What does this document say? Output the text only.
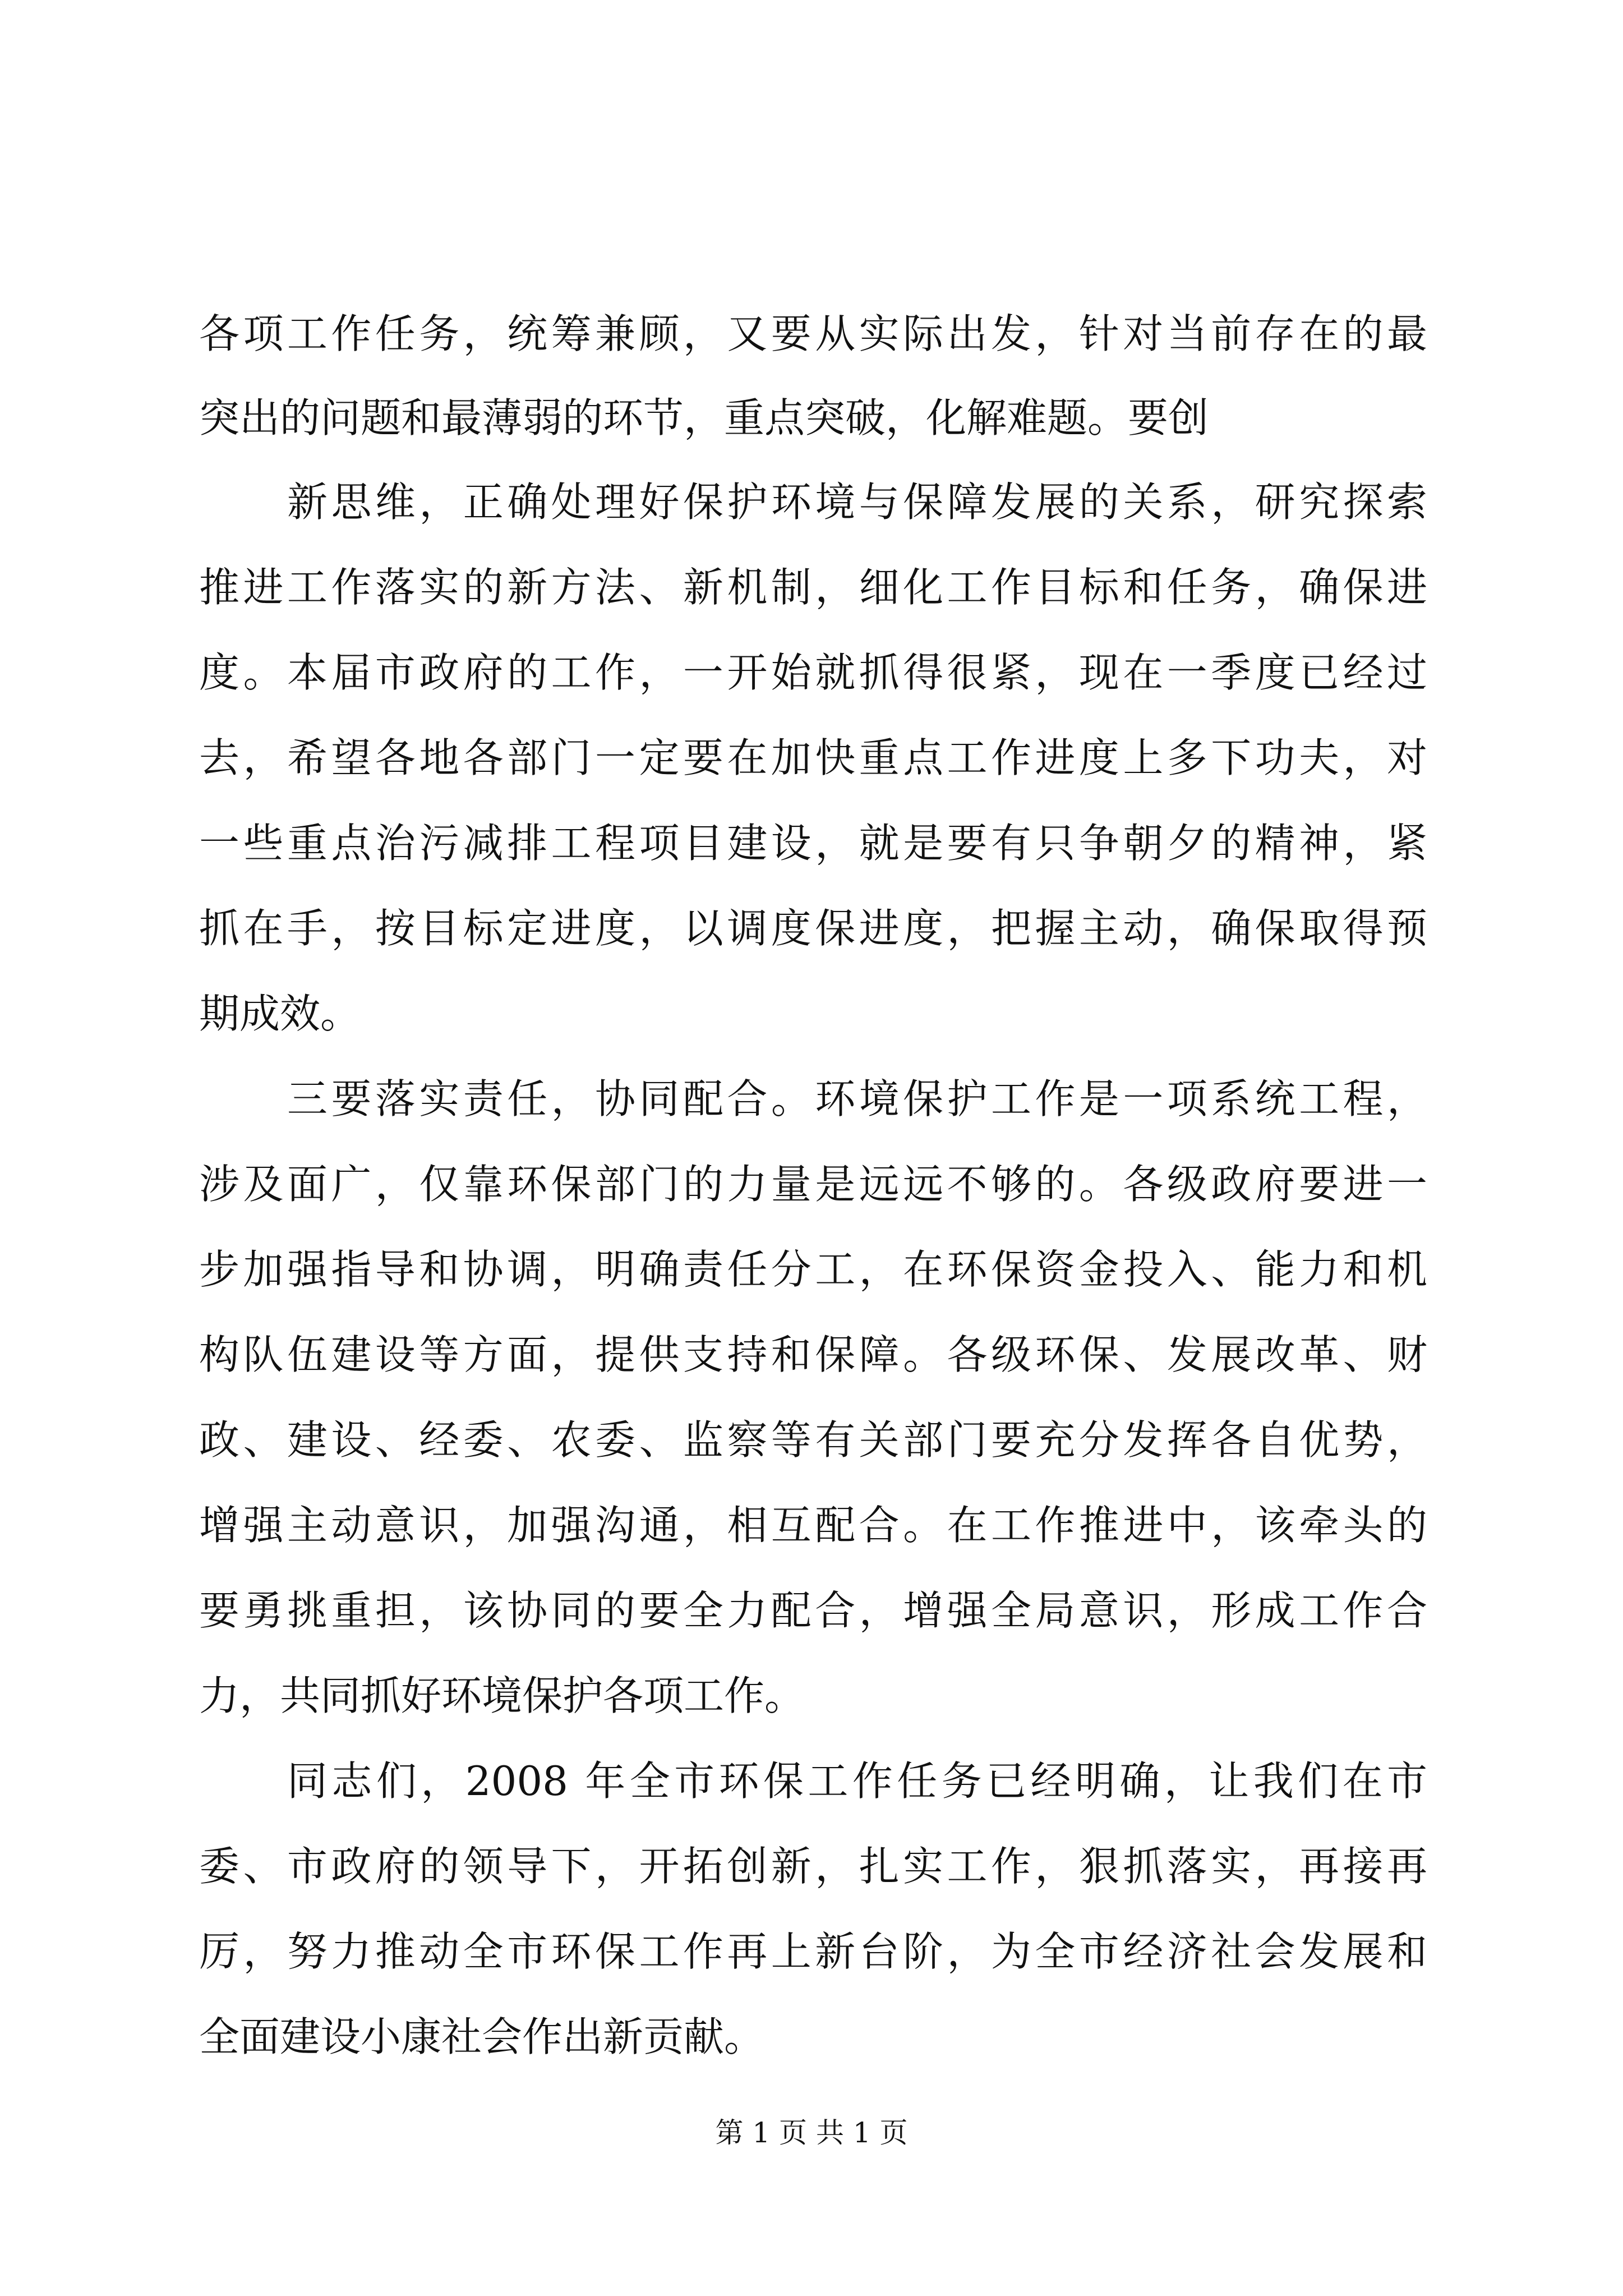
各项工作任务，统筹兼顾，又要从实际出发，针对当前存在的最
突出的问题和最薄弱的环节，重点突破，化解难题。要创
新思维，正确处理好保护环境与保障发展的关系，研究探索
推进工作落实的新方法、新机制，细化工作目标和任务，确保进
度。本届市政府的工作，一开始就抓得很紧，现在一季度已经过
去，希望各地各部门一定要在加快重点工作进度上多下功夫，对
一些重点治污减排工程项目建设，就是要有只争朝夕的精神，紧
抓在手，按目标定进度，以调度保进度，把握主动，确保取得预
期成效。
三要落实责任，协同配合。环境保护工作是一项系统工程，
涉及面广，仅靠环保部门的力量是远远不够的。各级政府要进一
步加强指导和协调，明确责任分工，在环保资金投入、能力和机
构队伍建设等方面，提供支持和保障。各级环保、发展改革、财
政、建设、经委、农委、监察等有关部门要充分发挥各自优势，
增强主动意识，加强沟通，相互配合。在工作推进中，该牵头的
要勇挑重担，该协同的要全力配合，增强全局意识，形成工作合
力，共同抓好环境保护各项工作。
同志们，2008 年全市环保工作任务已经明确，让我们在市
委、市政府的领导下，开拓创新，扎实工作，狠抓落实，再接再
厉，努力推动全市环保工作再上新台阶，为全市经济社会发展和
全面建设小康社会作出新贡献。
第 1 页 共 1 页
